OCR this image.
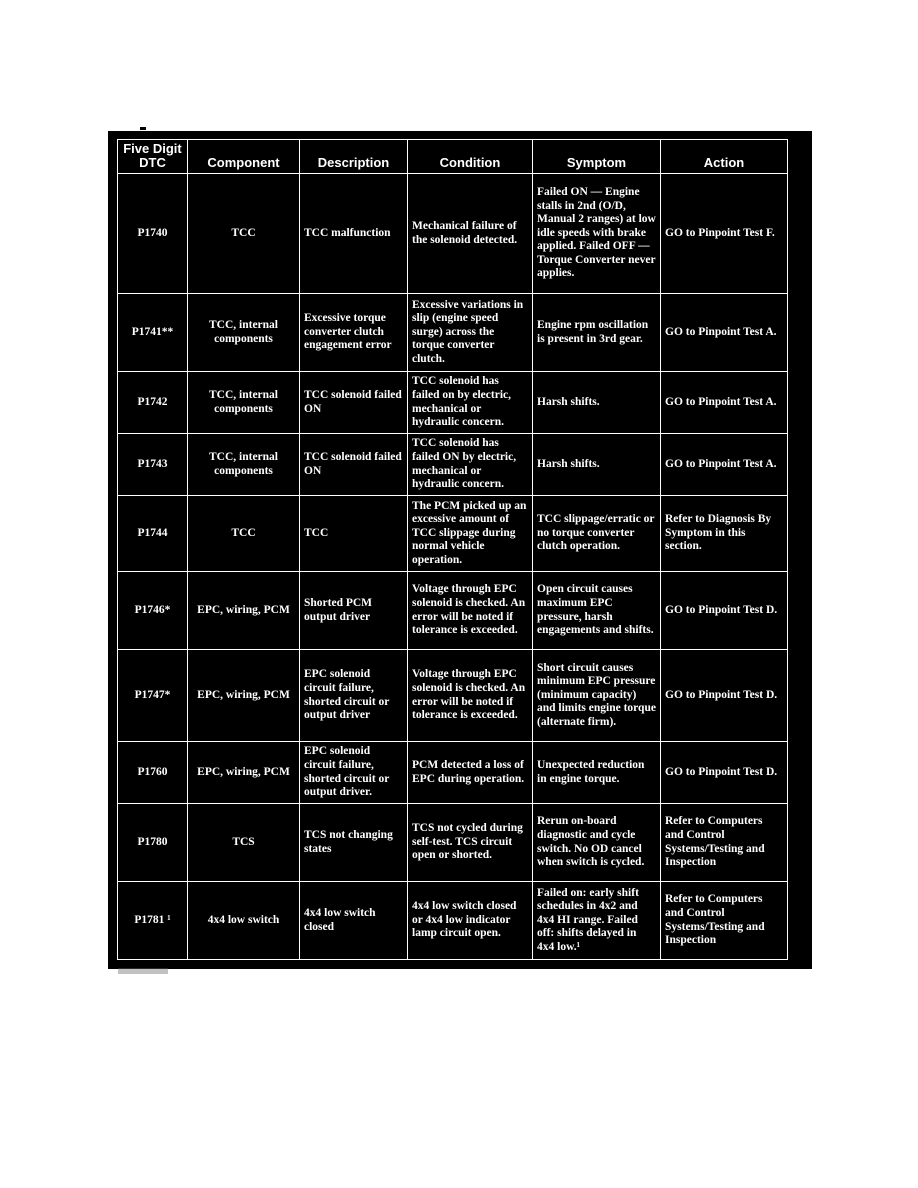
Five Digit DTC	Component	Description	Condition	Symptom	Action
P1740	TCC	TCC malfunction	Mechanical failure of the solenoid detected.	Failed ON — Engine stalls in 2nd (O/D, Manual 2 ranges) at low idle speeds with brake applied. Failed OFF — Torque Converter never applies.	GO to Pinpoint Test F.
P1741**	TCC, internal components	Excessive torque converter clutch engagement error	Excessive variations in slip (engine speed surge) across the torque converter clutch.	Engine rpm oscillation is present in 3rd gear.	GO to Pinpoint Test A.
P1742	TCC, internal components	TCC solenoid failed ON	TCC solenoid has failed on by electric, mechanical or hydraulic concern.	Harsh shifts.	GO to Pinpoint Test A.
P1743	TCC, internal components	TCC solenoid failed ON	TCC solenoid has failed ON by electric, mechanical or hydraulic concern.	Harsh shifts.	GO to Pinpoint Test A.
P1744	TCC	TCC	The PCM picked up an excessive amount of TCC slippage during normal vehicle operation.	TCC slippage/erratic or no torque converter clutch operation.	Refer to Diagnosis By Symptom in this section.
P1746*	EPC, wiring, PCM	Shorted PCM output driver	Voltage through EPC solenoid is checked. An error will be noted if tolerance is exceeded.	Open circuit causes maximum EPC pressure, harsh engagements and shifts.	GO to Pinpoint Test D.
P1747*	EPC, wiring, PCM	EPC solenoid circuit failure, shorted circuit or output driver	Voltage through EPC solenoid is checked. An error will be noted if tolerance is exceeded.	Short circuit causes minimum EPC pressure (minimum capacity) and limits engine torque (alternate firm).	GO to Pinpoint Test D.
P1760	EPC, wiring, PCM	EPC solenoid circuit failure, shorted circuit or output driver.	PCM detected a loss of EPC during operation.	Unexpected reduction in engine torque.	GO to Pinpoint Test D.
P1780	TCS	TCS not changing states	TCS not cycled during self-test. TCS circuit open or shorted.	Rerun on-board diagnostic and cycle switch. No OD cancel when switch is cycled.	Refer to Computers and Control Systems/Testing and Inspection
P1781 ¹	4x4 low switch	4x4 low switch closed	4x4 low switch closed or 4x4 low indicator lamp circuit open.	Failed on: early shift schedules in 4x2 and 4x4 HI range. Failed off: shifts delayed in 4x4 low.¹	Refer to Computers and Control Systems/Testing and Inspection
